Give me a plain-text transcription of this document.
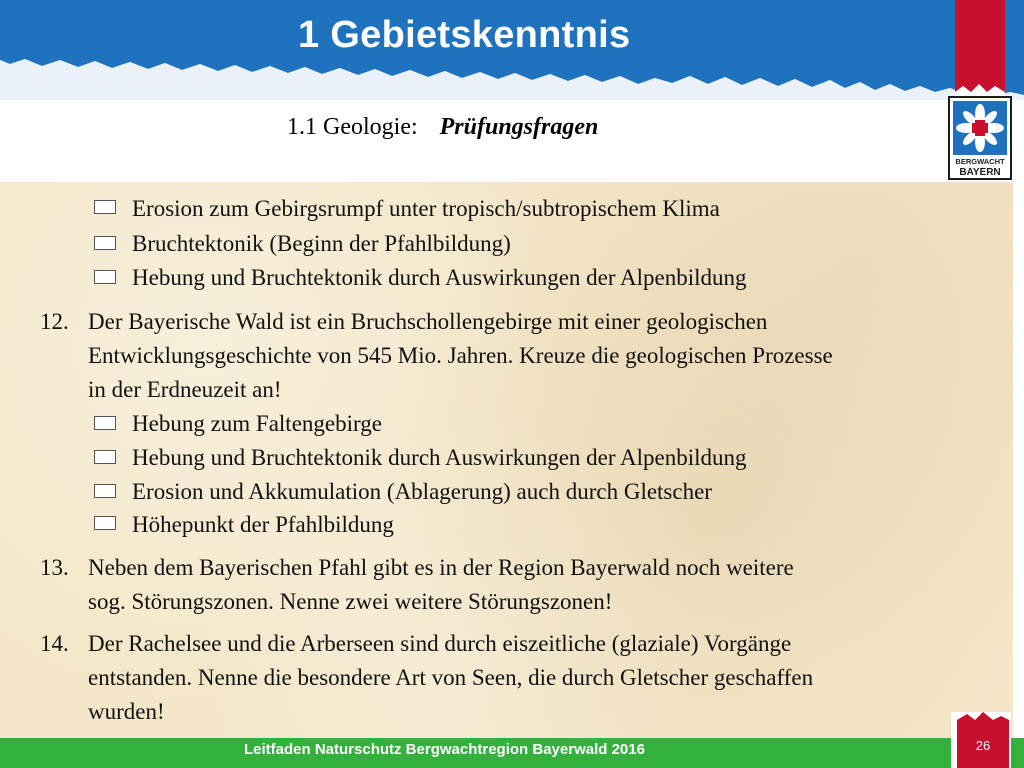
1 Gebietskenntnis
1.1 Geologie: Prüfungsfragen
BERGWACHT
BAYERN
Erosion zum Gebirgsrumpf unter tropisch/subtropischem Klima
Bruchtektonik (Beginn der Pfahlbildung)
Hebung und Bruchtektonik durch Auswirkungen der Alpenbildung
12. Der Bayerische Wald ist ein Bruchschollengebirge mit einer geologischen
Entwicklungsgeschichte von 545 Mio. Jahren. Kreuze die geologischen Prozesse
in der Erdneuzeit an!
Hebung zum Faltengebirge
Hebung und Bruchtektonik durch Auswirkungen der Alpenbildung
Erosion und Akkumulation (Ablagerung) auch durch Gletscher
Höhepunkt der Pfahlbildung
13. Neben dem Bayerischen Pfahl gibt es in der Region Bayerwald noch weitere
sog. Störungszonen. Nenne zwei weitere Störungszonen!
14. Der Rachelsee und die Arberseen sind durch eiszeitliche (glaziale) Vorgänge
entstanden. Nenne die besondere Art von Seen, die durch Gletscher geschaffen
wurden!
Leitfaden Naturschutz Bergwachtregion Bayerwald 2016	26
